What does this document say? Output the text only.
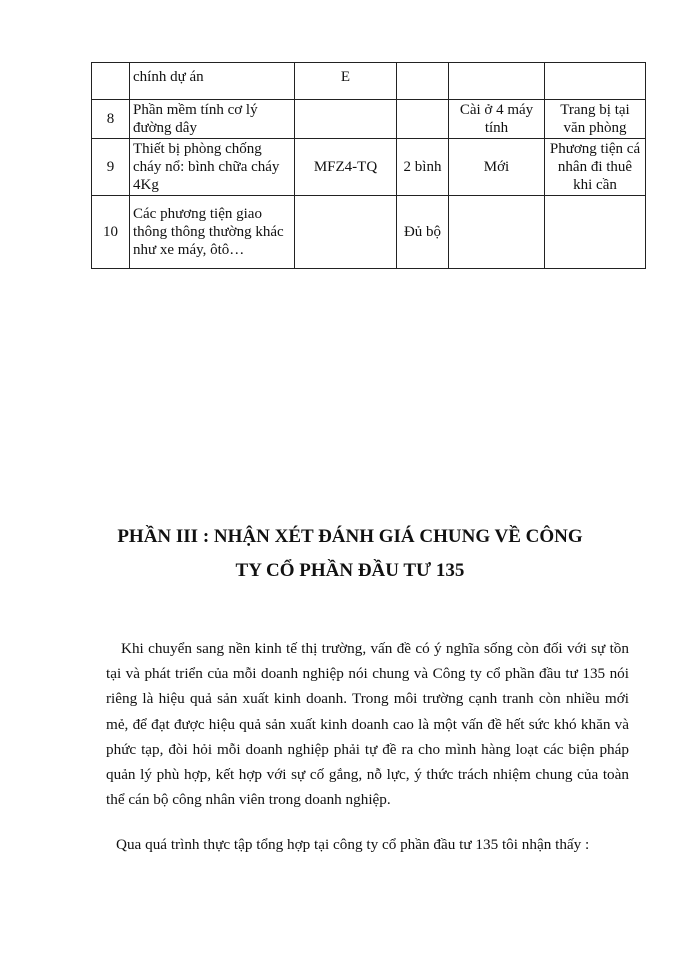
	chính dự án	E			
8	Phần mềm tính cơ lý đường dây			Cài ở 4 máy tính	Trang bị tại văn phòng
9	Thiết bị phòng chống cháy nổ: bình chữa cháy 4Kg	MFZ4-TQ	2 bình	Mới	Phương tiện cá nhân đi thuê khi cần
10	Các phương tiện giao thông thông thường khác như xe máy, ôtô…		Đủ bộ		
PHẦN III : NHẬN XÉT ĐÁNH GIÁ CHUNG VỀ CÔNG
TY CỔ PHẦN ĐẦU TƯ 135

Khi chuyển sang nền kinh tế thị trường, vấn đề có ý nghĩa sống còn đối với sự tồn tại và phát triển của mỗi doanh nghiệp nói chung và Công ty cổ phần đầu tư 135 nói riêng là hiệu quả sản xuất kinh doanh. Trong môi trường cạnh tranh còn nhiều mới mẻ, để đạt được hiệu quả sản xuất kinh doanh cao là một vấn đề hết sức khó khăn và phức tạp, đòi hỏi mỗi doanh nghiệp phải tự đề ra cho mình hàng loạt các biện pháp quản lý phù hợp, kết hợp với sự cố gắng, nỗ lực, ý thức trách nhiệm chung của toàn thể cán bộ công nhân viên trong doanh nghiệp.

Qua quá trình thực tập tổng hợp tại công ty cổ phần đầu tư 135 tôi nhận thấy :
